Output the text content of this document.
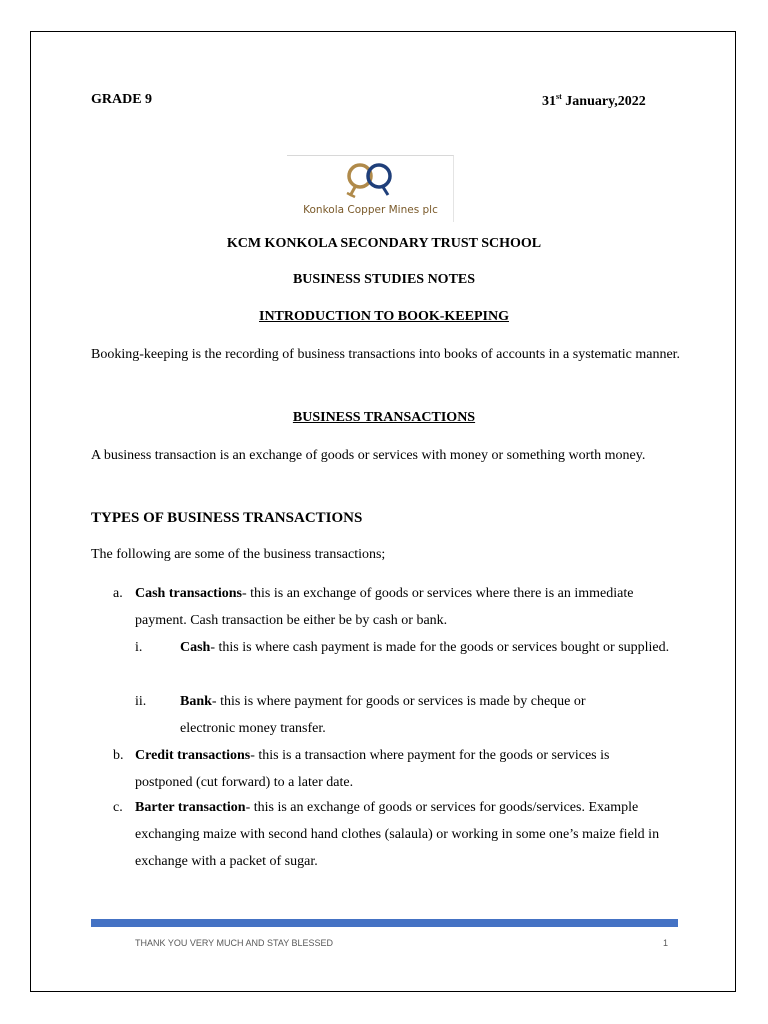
GRADE 9	31st January,2022
Konkola Copper Mines plc
KCM KONKOLA SECONDARY TRUST SCHOOL
BUSINESS STUDIES NOTES
INTRODUCTION TO BOOK-KEEPING
Booking-keeping is the recording of business transactions into books of accounts in a systematic manner.
BUSINESS TRANSACTIONS
A business transaction is an exchange of goods or services with money or something worth money.
TYPES OF BUSINESS TRANSACTIONS
The following are some of the business transactions;
a. Cash transactions- this is an exchange of goods or services where there is an immediate payment. Cash transaction be either be by cash or bank.
i.	Cash- this is where cash payment is made for the goods or services bought or supplied.
ii. Bank- this is where payment for goods or services is made by cheque or electronic money transfer.
b. Credit transactions- this is a transaction where payment for the goods or services is postponed (cut forward) to a later date.
c. Barter transaction- this is an exchange of goods or services for goods/services. Example exchanging maize with second hand clothes (salaula) or working in some one’s maize field in exchange with a packet of sugar.
THANK YOU VERY MUCH AND STAY BLESSED	1
